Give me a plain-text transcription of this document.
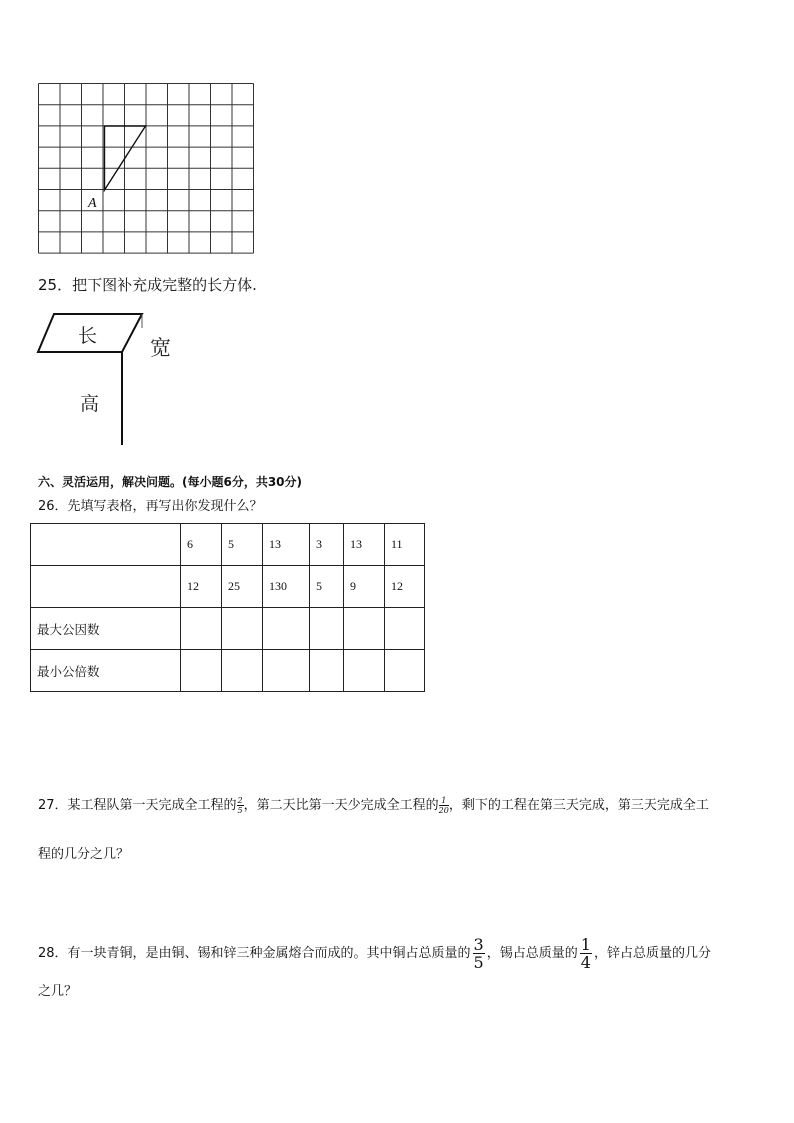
A
25．把下图补充成完整的长方体.
长	宽
高
六、灵活运用，解决问题。(每小题6分，共30分)
26．先填写表格，再写出你发现什么？
	6	5	13	3	13	11
	12	25	130	5	9	12
最大公因数						
最小公倍数						
27．某工程队第一天完成全工程的 $\frac{2}{5}$ ，第二天比第一天少完成全工程的 $\frac{1}{20}$ ，剩下的工程在第三天完成，第三天完成全工
程的几分之几？
28．有一块青铜，是由铜、锡和锌三种金属熔合而成的。其中铜占总质量的 $\frac{3}{5}$ ，锡占总质量的 $\frac{1}{4}$ ，锌占总质量的几分
之几？
